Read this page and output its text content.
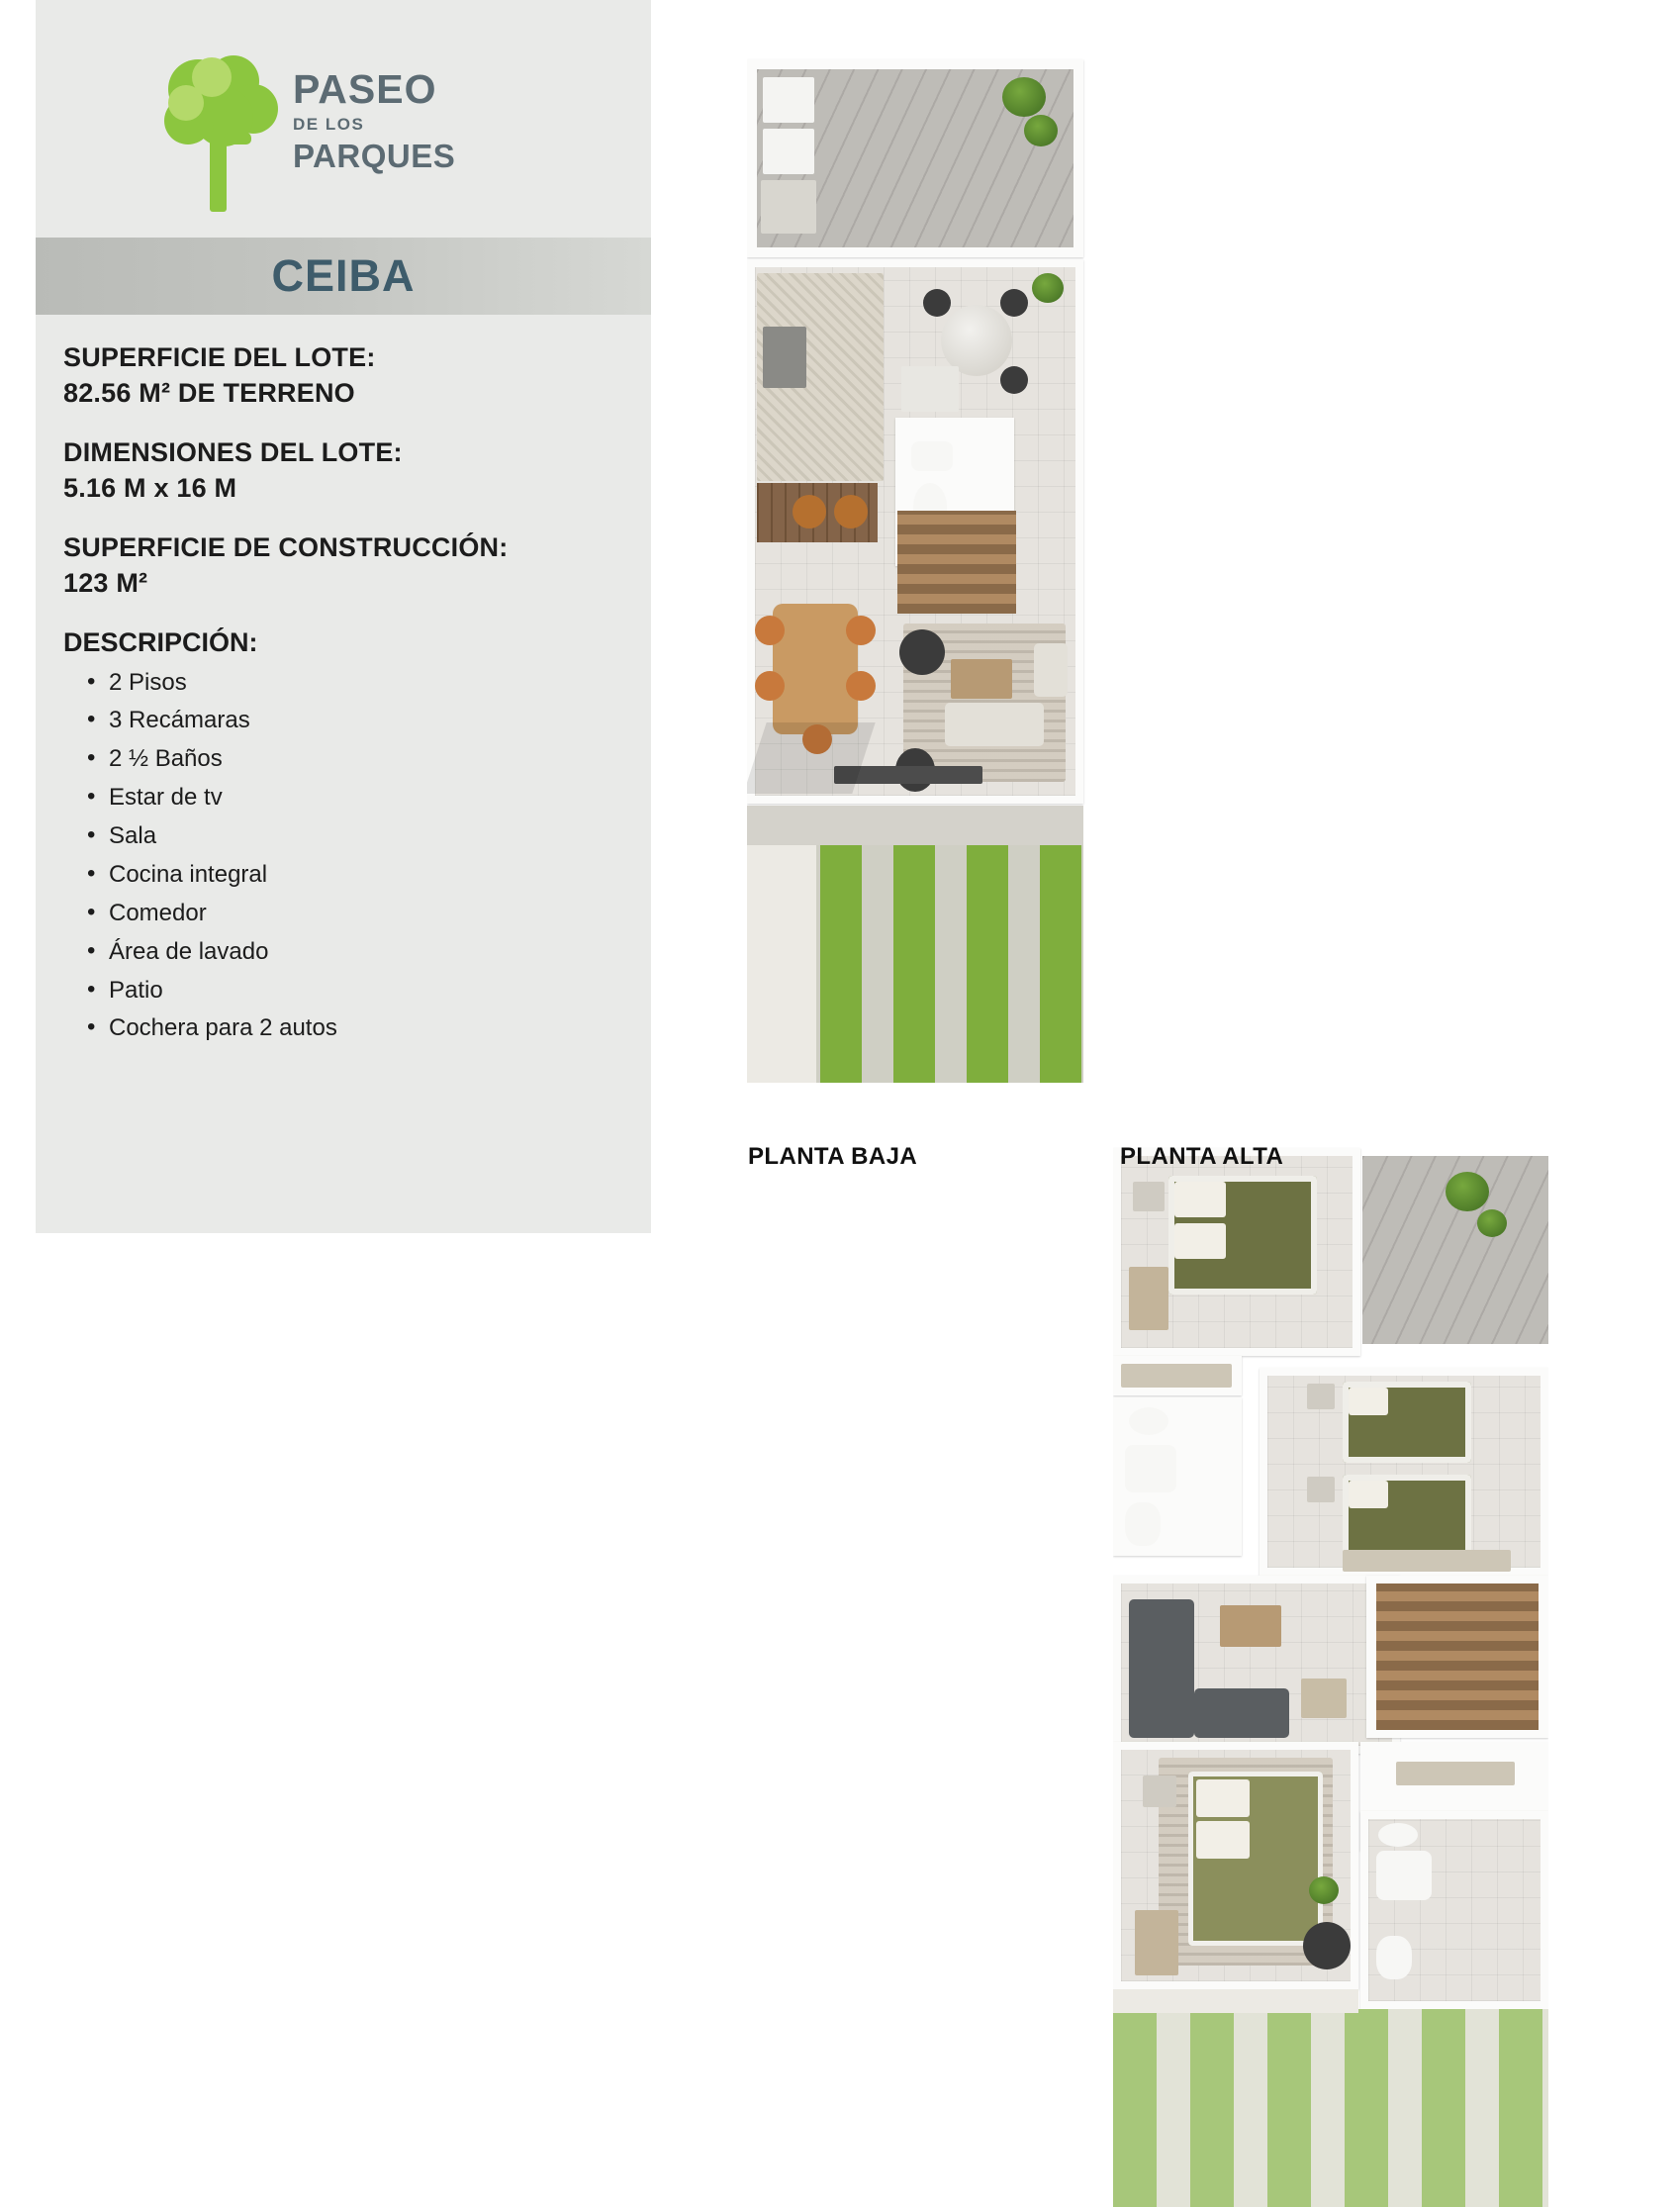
PASEO
DE LOS
PARQUES
CEIBA
SUPERFICIE DEL LOTE:
82.56 M² DE TERRENO
DIMENSIONES DEL LOTE:
5.16 M x 16 M
SUPERFICIE DE CONSTRUCCIÓN:
123 M²
DESCRIPCIÓN:
• 2 Pisos
• 3 Recámaras
• 2 ½ Baños
• Estar de tv
• Sala
• Cocina integral
• Comedor
• Área de lavado
• Patio
• Cochera para 2 autos
PLANTA BAJA	PLANTA ALTA
